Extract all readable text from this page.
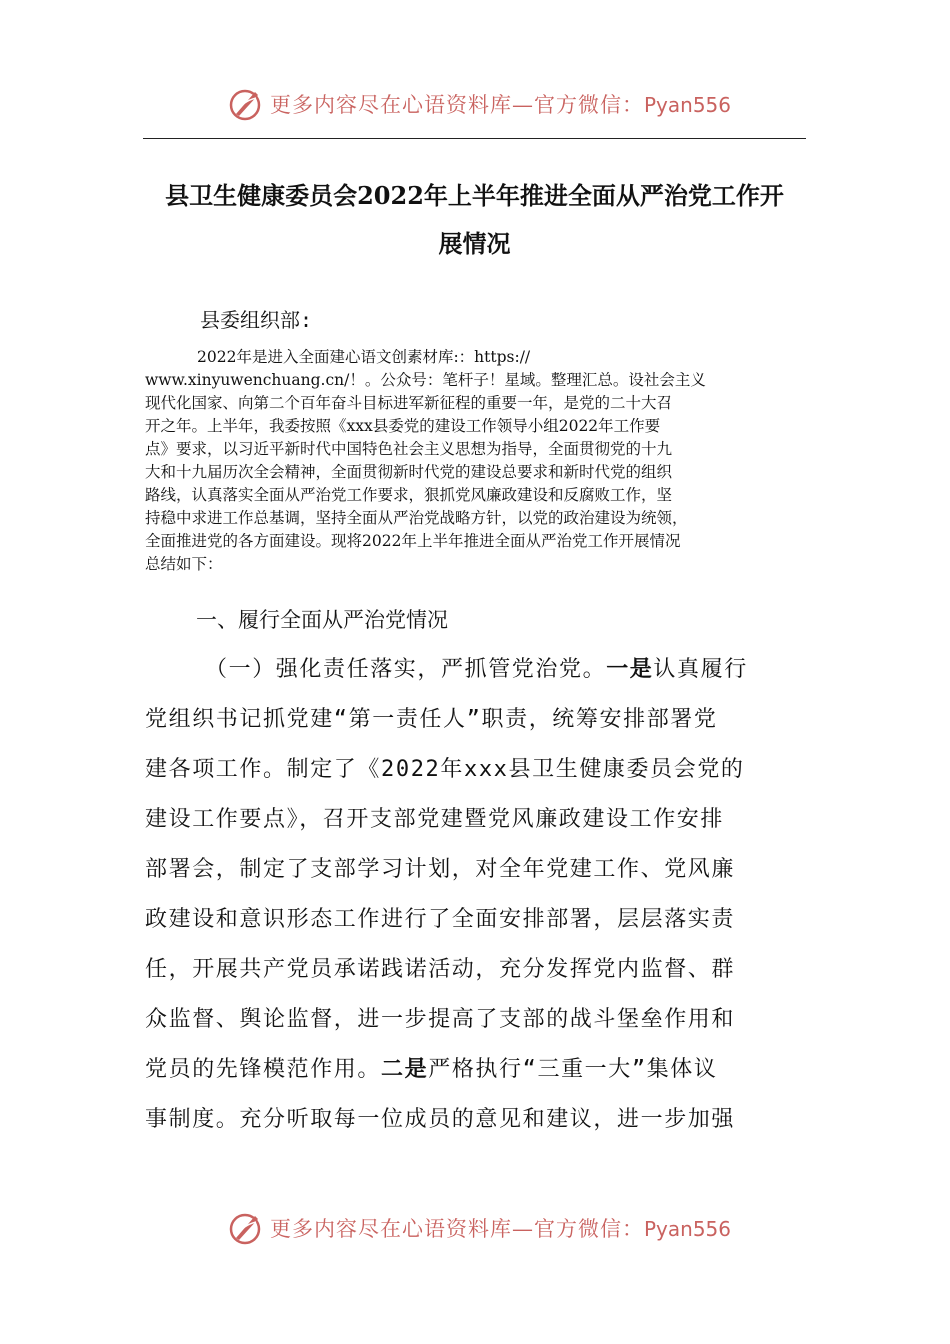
更多内容尽在心语资料库—官方微信：Pyan556
县卫生健康委员会2022年上半年推进全面从严治党工作开
展情况
县委组织部:
2022年是进入全面建心语文创素材库:：https://
www.xinyuwenchuang.cn/！。公众号：笔杆子！星域。整理汇总。设社会主义
现代化国家、向第二个百年奋斗目标进军新征程的重要一年，是党的二十大召
开之年。上半年，我委按照《xxx县委党的建设工作领导小组2022年工作要
点》要求，以习近平新时代中国特色社会主义思想为指导，全面贯彻党的十九
大和十九届历次全会精神，全面贯彻新时代党的建设总要求和新时代党的组织
路线，认真落实全面从严治党工作要求，狠抓党风廉政建设和反腐败工作，坚
持稳中求进工作总基调，坚持全面从严治党战略方针，以党的政治建设为统领，
全面推进党的各方面建设。现将2022年上半年推进全面从严治党工作开展情况
总结如下：
一、履行全面从严治党情况
（一）强化责任落实，严抓管党治党。一是认真履行
党组织书记抓党建“第一责任人”职责，统筹安排部署党
建各项工作。制定了《2022年xxx县卫生健康委员会党的
建设工作要点》，召开支部党建暨党风廉政建设工作安排
部署会，制定了支部学习计划，对全年党建工作、党风廉
政建设和意识形态工作进行了全面安排部署，层层落实责
任，开展共产党员承诺践诺活动，充分发挥党内监督、群
众监督、舆论监督，进一步提高了支部的战斗堡垒作用和
党员的先锋模范作用。二是严格执行“三重一大”集体议
事制度。充分听取每一位成员的意见和建议，进一步加强
更多内容尽在心语资料库—官方微信：Pyan556
